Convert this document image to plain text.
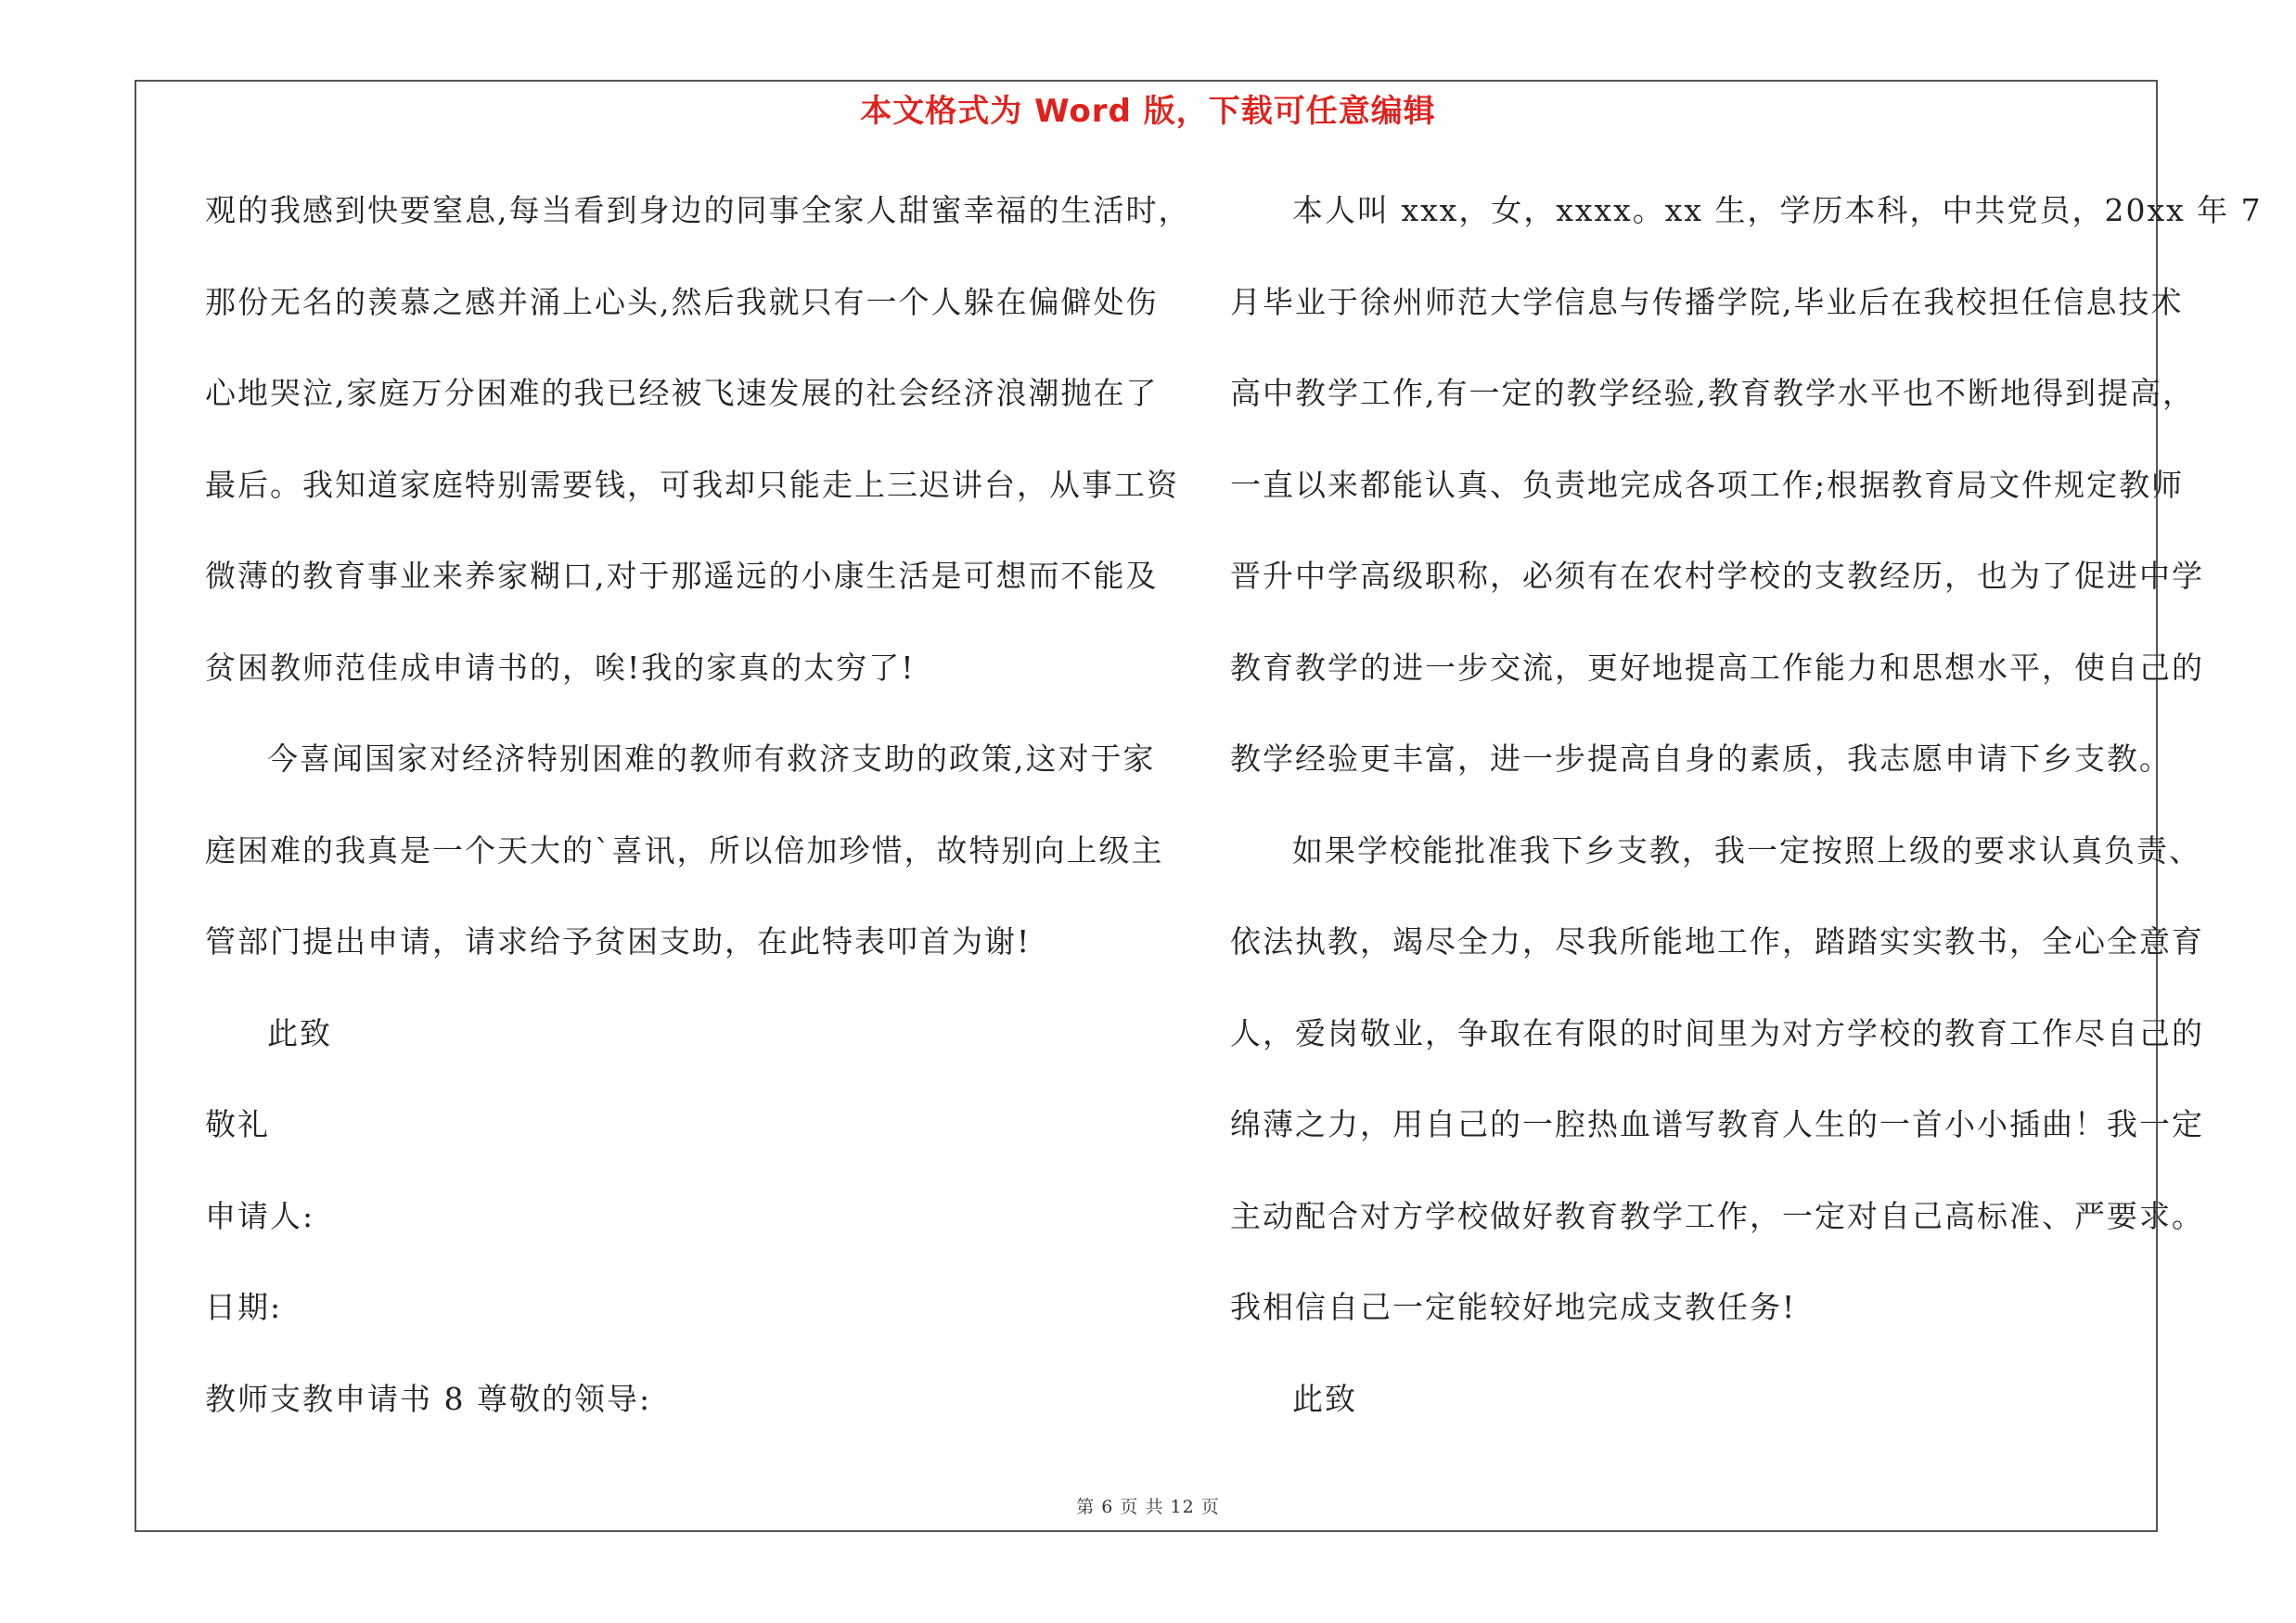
本文格式为 Word 版，下载可任意编辑
观的我感到快要窒息,每当看到身边的同事全家人甜蜜幸福的生活时，
那份无名的羡慕之感并涌上心头,然后我就只有一个人躲在偏僻处伤
心地哭泣,家庭万分困难的我已经被飞速发展的社会经济浪潮抛在了
最后。我知道家庭特别需要钱，可我却只能走上三迟讲台，从事工资
微薄的教育事业来养家糊口,对于那遥远的小康生活是可想而不能及
贫困教师范佳成申请书的，唉!我的家真的太穷了!
今喜闻国家对经济特别困难的教师有救济支助的政策,这对于家
庭困难的我真是一个天大的`喜讯，所以倍加珍惜，故特别向上级主
管部门提出申请，请求给予贫困支助，在此特表叩首为谢!
此致
敬礼
申请人:
日期:
教师支教申请书 8 尊敬的领导:
本人叫 xxx，女，xxxx。xx 生，学历本科，中共党员，20xx 年 7
月毕业于徐州师范大学信息与传播学院,毕业后在我校担任信息技术
高中教学工作,有一定的教学经验,教育教学水平也不断地得到提高，
一直以来都能认真、负责地完成各项工作;根据教育局文件规定教师
晋升中学高级职称，必须有在农村学校的支教经历，也为了促进中学
教育教学的进一步交流，更好地提高工作能力和思想水平，使自己的
教学经验更丰富，进一步提高自身的素质，我志愿申请下乡支教。
如果学校能批准我下乡支教，我一定按照上级的要求认真负责、
依法执教，竭尽全力，尽我所能地工作，踏踏实实教书，全心全意育
人，爱岗敬业，争取在有限的时间里为对方学校的教育工作尽自己的
绵薄之力，用自己的一腔热血谱写教育人生的一首小小插曲！我一定
主动配合对方学校做好教育教学工作，一定对自己高标准、严要求。
我相信自己一定能较好地完成支教任务!
此致
第 6 页 共 12 页
